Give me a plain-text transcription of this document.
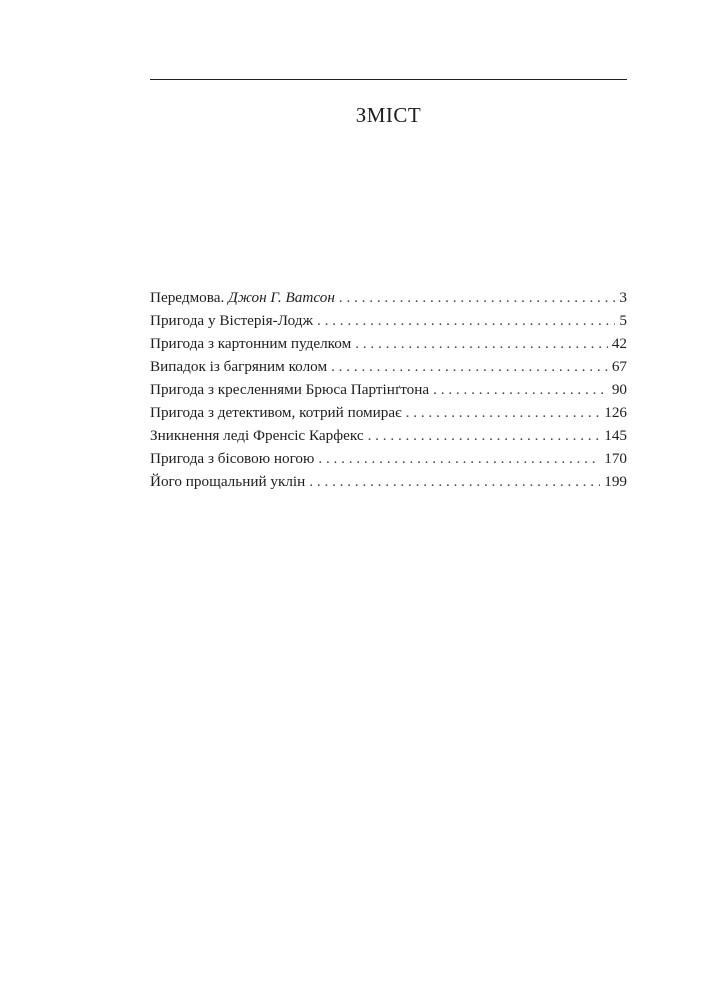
ЗМІСТ
Передмова. Джон Г. Ватсон . . .	3
Пригода у Вістерія-Лодж . . .	5
Пригода з картонним пуделком . . .	42
Випадок із багряним колом . . .	67
Пригода з кресленнями Брюса Партінґтона . . .	90
Пригода з детективом, котрий помирає . . .	126
Зникнення леді Френсіс Карфекс . . .	145
Пригода з бісовою ногою . . .	170
Його прощальний уклін . . .	199
